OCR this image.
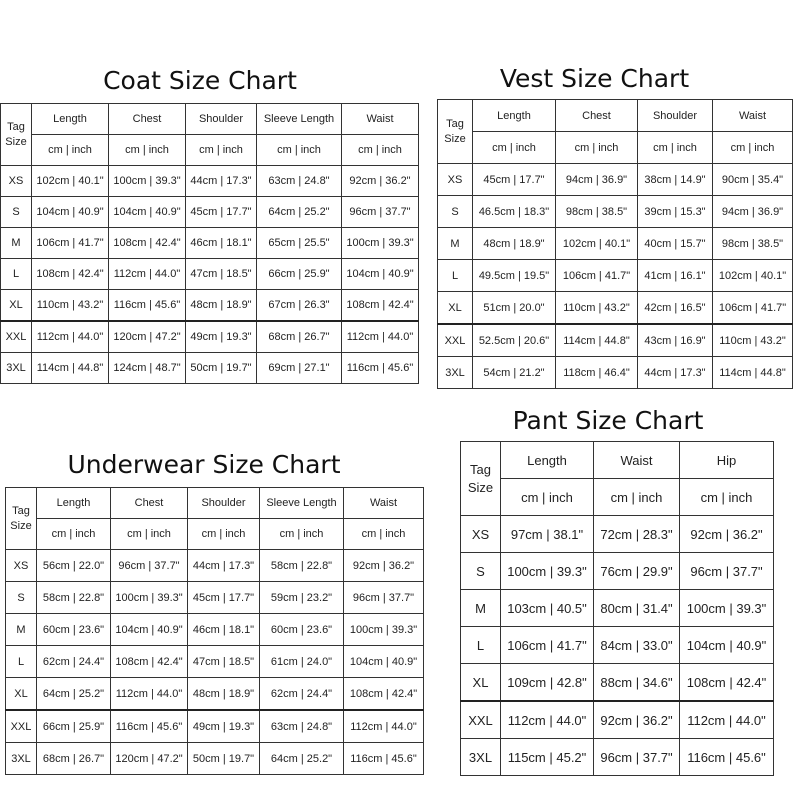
Coat Size Chart
Tag
Size	Length	Chest	Shoulder	Sleeve Length	Waist
	cm | inch	cm | inch	cm | inch	cm | inch	cm | inch
XS	102cm | 40.1"	100cm | 39.3"	44cm | 17.3"	63cm | 24.8"	92cm | 36.2"
S	104cm | 40.9"	104cm | 40.9"	45cm | 17.7"	64cm | 25.2"	96cm | 37.7"
M	106cm | 41.7"	108cm | 42.4"	46cm | 18.1"	65cm | 25.5"	100cm | 39.3"
L	108cm | 42.4"	112cm | 44.0"	47cm | 18.5"	66cm | 25.9"	104cm | 40.9"
XL	110cm | 43.2"	116cm | 45.6"	48cm | 18.9"	67cm | 26.3"	108cm | 42.4"
XXL	112cm | 44.0"	120cm | 47.2"	49cm | 19.3"	68cm | 26.7"	112cm | 44.0"
3XL	114cm | 44.8"	124cm | 48.7"	50cm | 19.7"	69cm | 27.1"	116cm | 45.6"
Vest Size Chart
Tag
Size	Length	Chest	Shoulder	Waist
	cm | inch	cm | inch	cm | inch	cm | inch
XS	45cm | 17.7"	94cm | 36.9"	38cm | 14.9"	90cm | 35.4"
S	46.5cm | 18.3"	98cm | 38.5"	39cm | 15.3"	94cm | 36.9"
M	48cm | 18.9"	102cm | 40.1"	40cm | 15.7"	98cm | 38.5"
L	49.5cm | 19.5"	106cm | 41.7"	41cm | 16.1"	102cm | 40.1"
XL	51cm | 20.0"	110cm | 43.2"	42cm | 16.5"	106cm | 41.7"
XXL	52.5cm | 20.6"	114cm | 44.8"	43cm | 16.9"	110cm | 43.2"
3XL	54cm | 21.2"	118cm | 46.4"	44cm | 17.3"	114cm | 44.8"
Underwear Size Chart
Tag
Size	Length	Chest	Shoulder	Sleeve Length	Waist
	cm | inch	cm | inch	cm | inch	cm | inch	cm | inch
XS	56cm | 22.0"	96cm | 37.7"	44cm | 17.3"	58cm | 22.8"	92cm | 36.2"
S	58cm | 22.8"	100cm | 39.3"	45cm | 17.7"	59cm | 23.2"	96cm | 37.7"
M	60cm | 23.6"	104cm | 40.9"	46cm | 18.1"	60cm | 23.6"	100cm | 39.3"
L	62cm | 24.4"	108cm | 42.4"	47cm | 18.5"	61cm | 24.0"	104cm | 40.9"
XL	64cm | 25.2"	112cm | 44.0"	48cm | 18.9"	62cm | 24.4"	108cm | 42.4"
XXL	66cm | 25.9"	116cm | 45.6"	49cm | 19.3"	63cm | 24.8"	112cm | 44.0"
3XL	68cm | 26.7"	120cm | 47.2"	50cm | 19.7"	64cm | 25.2"	116cm | 45.6"
Pant Size Chart
Tag
Size	Length	Waist	Hip
	cm | inch	cm | inch	cm | inch
XS	97cm | 38.1"	72cm | 28.3"	92cm | 36.2"
S	100cm | 39.3"	76cm | 29.9"	96cm | 37.7"
M	103cm | 40.5"	80cm | 31.4"	100cm | 39.3"
L	106cm | 41.7"	84cm | 33.0"	104cm | 40.9"
XL	109cm | 42.8"	88cm | 34.6"	108cm | 42.4"
XXL	112cm | 44.0"	92cm | 36.2"	112cm | 44.0"
3XL	115cm | 45.2"	96cm | 37.7"	116cm | 45.6"
